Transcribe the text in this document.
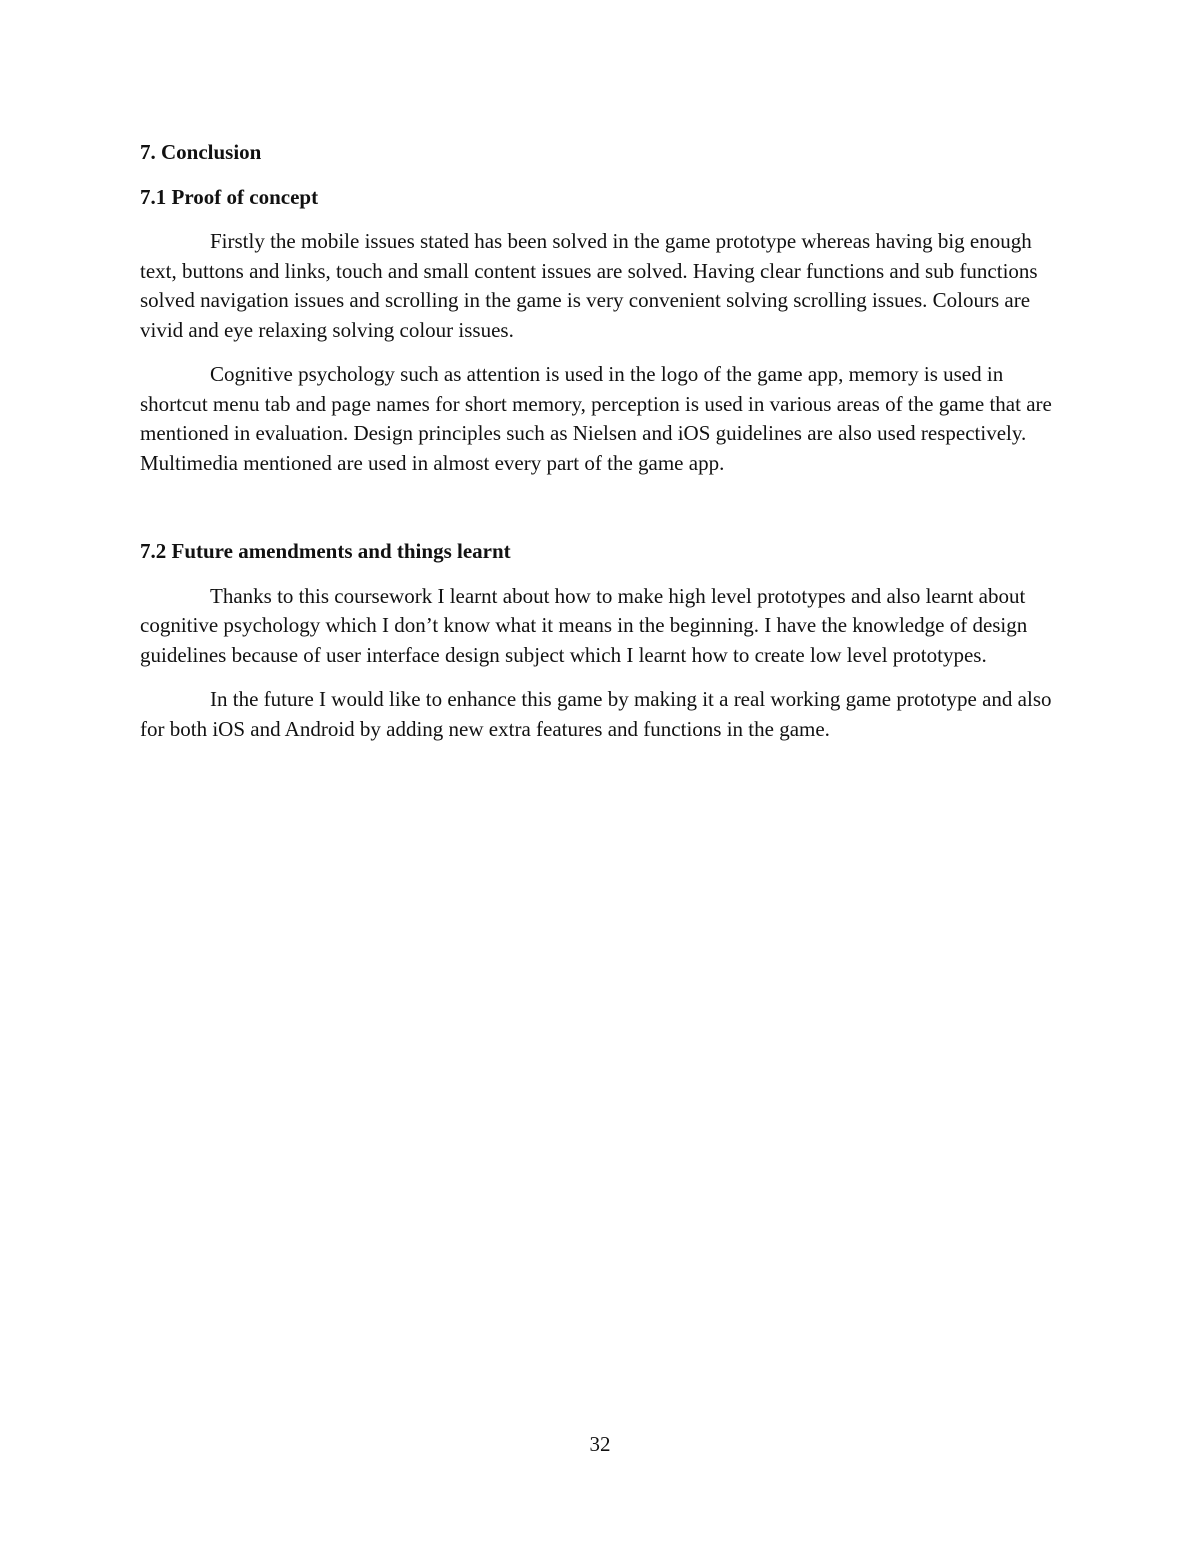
7. Conclusion
7.1 Proof of concept

Firstly the mobile issues stated has been solved in the game prototype whereas having big enough text, buttons and links, touch and small content issues are solved. Having clear functions and sub functions solved navigation issues and scrolling in the game is very convenient solving scrolling issues. Colours are vivid and eye relaxing solving colour issues.

Cognitive psychology such as attention is used in the logo of the game app, memory is used in shortcut menu tab and page names for short memory, perception is used in various areas of the game that are mentioned in evaluation. Design principles such as Nielsen and iOS guidelines are also used respectively. Multimedia mentioned are used in almost every part of the game app.

7.2 Future amendments and things learnt

Thanks to this coursework I learnt about how to make high level prototypes and also learnt about cognitive psychology which I don’t know what it means in the beginning. I have the knowledge of design guidelines because of user interface design subject which I learnt how to create low level prototypes.

In the future I would like to enhance this game by making it a real working game prototype and also for both iOS and Android by adding new extra features and functions in the game.

32
